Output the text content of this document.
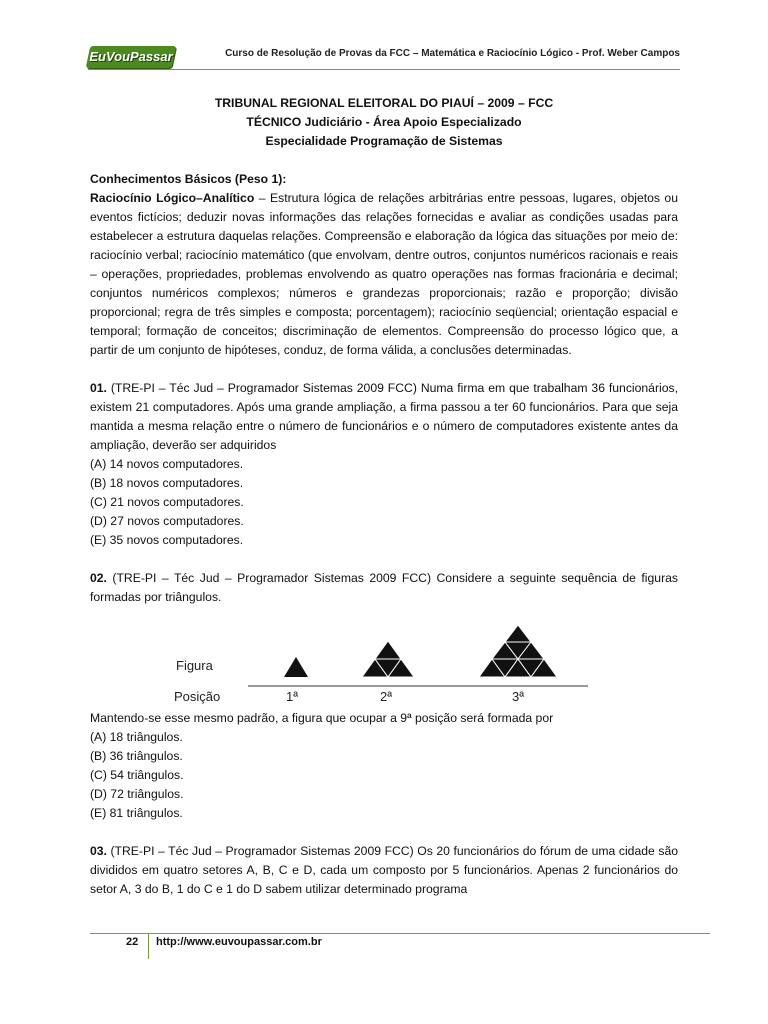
EuVouPassar	Curso de Resolução de Provas da FCC – Matemática e Raciocínio Lógico - Prof. Weber Campos
TRIBUNAL REGIONAL ELEITORAL DO PIAUÍ – 2009 – FCC
TÉCNICO Judiciário - Área Apoio Especializado
Especialidade Programação de Sistemas

Conhecimentos Básicos (Peso 1):

Raciocínio Lógico–Analítico – Estrutura lógica de relações arbitrárias entre pessoas, lugares, objetos ou eventos fictícios; deduzir novas informações das relações fornecidas e avaliar as condições usadas para estabelecer a estrutura daquelas relações. Compreensão e elaboração da lógica das situações por meio de: raciocínio verbal; raciocínio matemático (que envolvam, dentre outros, conjuntos numéricos racionais e reais – operações, propriedades, problemas envolvendo as quatro operações nas formas fracionária e decimal; conjuntos numéricos complexos; números e grandezas proporcionais; razão e proporção; divisão proporcional; regra de três simples e composta; porcentagem); raciocínio seqüencial; orientação espacial e temporal; formação de conceitos; discriminação de elementos. Compreensão do processo lógico que, a partir de um conjunto de hipóteses, conduz, de forma válida, a conclusões determinadas.

01. (TRE-PI – Téc Jud – Programador Sistemas 2009 FCC) Numa firma em que trabalham 36 funcionários, existem 21 computadores. Após uma grande ampliação, a firma passou a ter 60 funcionários. Para que seja mantida a mesma relação entre o número de funcionários e o número de computadores existente antes da ampliação, deverão ser adquiridos

(A) 14 novos computadores.
(B) 18 novos computadores.
(C) 21 novos computadores.
(D) 27 novos computadores.
(E) 35 novos computadores.

02. (TRE-PI – Téc Jud – Programador Sistemas 2009 FCC) Considere a seguinte sequência de figuras formadas por triângulos.

Figura
Posição	1ª	2ª	3ª

Mantendo-se esse mesmo padrão, a figura que ocupar a 9ª posição será formada por

(A) 18 triângulos.
(B) 36 triângulos.
(C) 54 triângulos.
(D) 72 triângulos.
(E) 81 triângulos.

03. (TRE-PI – Téc Jud – Programador Sistemas 2009 FCC) Os 20 funcionários do fórum de uma cidade são divididos em quatro setores A, B, C e D, cada um composto por 5 funcionários. Apenas 2 funcionários do setor A, 3 do B, 1 do C e 1 do D sabem utilizar determinado programa

22 http://www.euvoupassar.com.br
